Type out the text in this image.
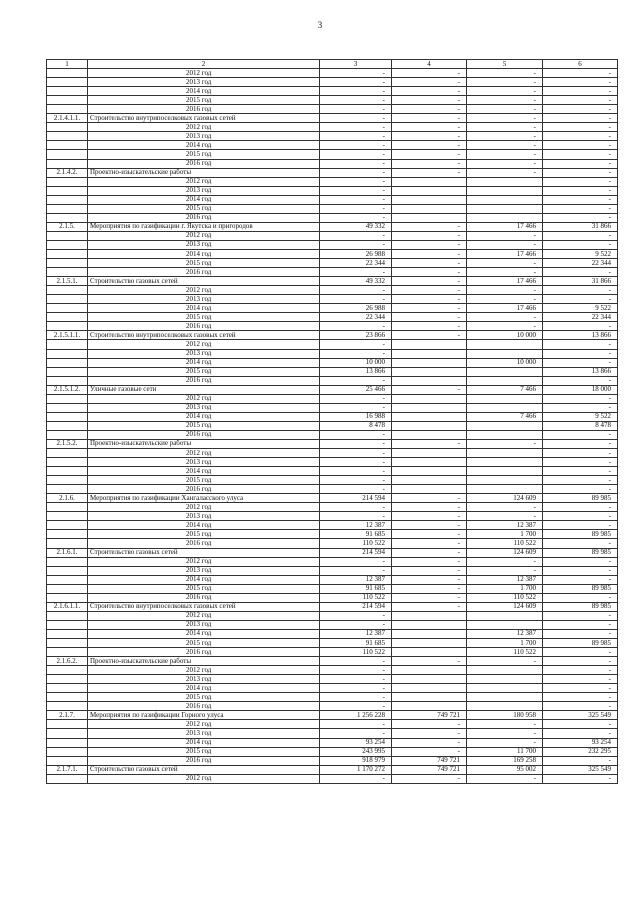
3
1	2	3	4	5	6
	2012 год	-	-	-	-
	2013 год	-	-	-	-
	2014 год	-	-	-	-
	2015 год	-	-	-	-
	2016 год	-	-	-	-
2.1.4.1.1.	Строительство внутрипоселковых газовых сетей	-	-	-	-
	2012 год	-	-	-	-
	2013 год	-	-	-	-
	2014 год	-	-	-	-
	2015 год	-	-	-	-
	2016 год	-	-	-	-
2.1.4.2.	Проектно-изыскательские работы	-	-	-	-
	2012 год	-			-
	2013 год	-			-
	2014 год	-			-
	2015 год	-			-
	2016 год	-			-
2.1.5.	Мероприятия по газификации г. Якутска и пригородов	49 332	-	17 466	31 866
	2012 год	-	-	-	-
	2013 год	-	-	-	-
	2014 год	26 988	-	17 466	9 522
	2015 год	22 344	-	-	22 344
	2016 год	-	-	-	-
2.1.5.1.	Строительство газовых сетей	49 332	-	17 466	31 866
	2012 год	-	-	-	-
	2013 год	-	-	-	-
	2014 год	26 988	-	17 466	9 522
	2015 год	22 344	-	-	22 344
	2016 год	-	-	-	-
2.1.5.1.1.	Строительство внутрипоселковых газовых сетей	23 866	-	10 000	13 866
	2012 год	-			-
	2013 год	-			-
	2014 год	10 000		10 000	-
	2015 год	13 866			13 866
	2016 год	-			-
2.1.5.1.2.	Уличные газовые сети	25 466	-	7 466	18 000
	2012 год	-			-
	2013 год	-			-
	2014 год	16 988		7 466	9 522
	2015 год	8 478			8 478
	2016 год	-			-
2.1.5.2.	Проектно-изыскательские работы	-	-	-	-
	2012 год	-			-
	2013 год	-			-
	2014 год	-			-
	2015 год	-			-
	2016 год	-			-
2.1.6.	Мероприятия по газификации Хангаласского улуса	214 594	-	124 609	89 985
	2012 год	-	-	-	-
	2013 год	-	-	-	-
	2014 год	12 387	-	12 387	-
	2015 год	91 685	-	1 700	89 985
	2016 год	110 522	-	110 522	-
2.1.6.1.	Строительство газовых сетей	214 594	-	124 609	89 985
	2012 год	-	-	-	-
	2013 год	-	-	-	-
	2014 год	12 387	-	12 387	-
	2015 год	91 685	-	1 700	89 985
	2016 год	110 522	-	110 522	-
2.1.6.1.1.	Строительство внутрипоселковых газовых сетей	214 594	-	124 609	89 985
	2012 год	-			-
	2013 год	-			-
	2014 год	12 387		12 387	-
	2015 год	91 685		1 700	89 985
	2016 год	110 522		110 522	-
2.1.6.2.	Проектно-изыскательские работы	-	-	-	-
	2012 год	-			-
	2013 год	-			-
	2014 год	-			-
	2015 год	-			-
	2016 год	-			-
2.1.7.	Мероприятия по газификации Горного улуса	1 256 228	749 721	180 958	325 549
	2012 год	-	-	-	-
	2013 год	-	-	-	-
	2014 год	93 254	-	-	93 254
	2015 год	243 995	-	11 700	232 295
	2016 год	918 979	749 721	169 258	-
2.1.7.1.	Строительство газовых сетей	1 170 272	749 721	95 002	325 549
	2012 год	-	-	-	-
